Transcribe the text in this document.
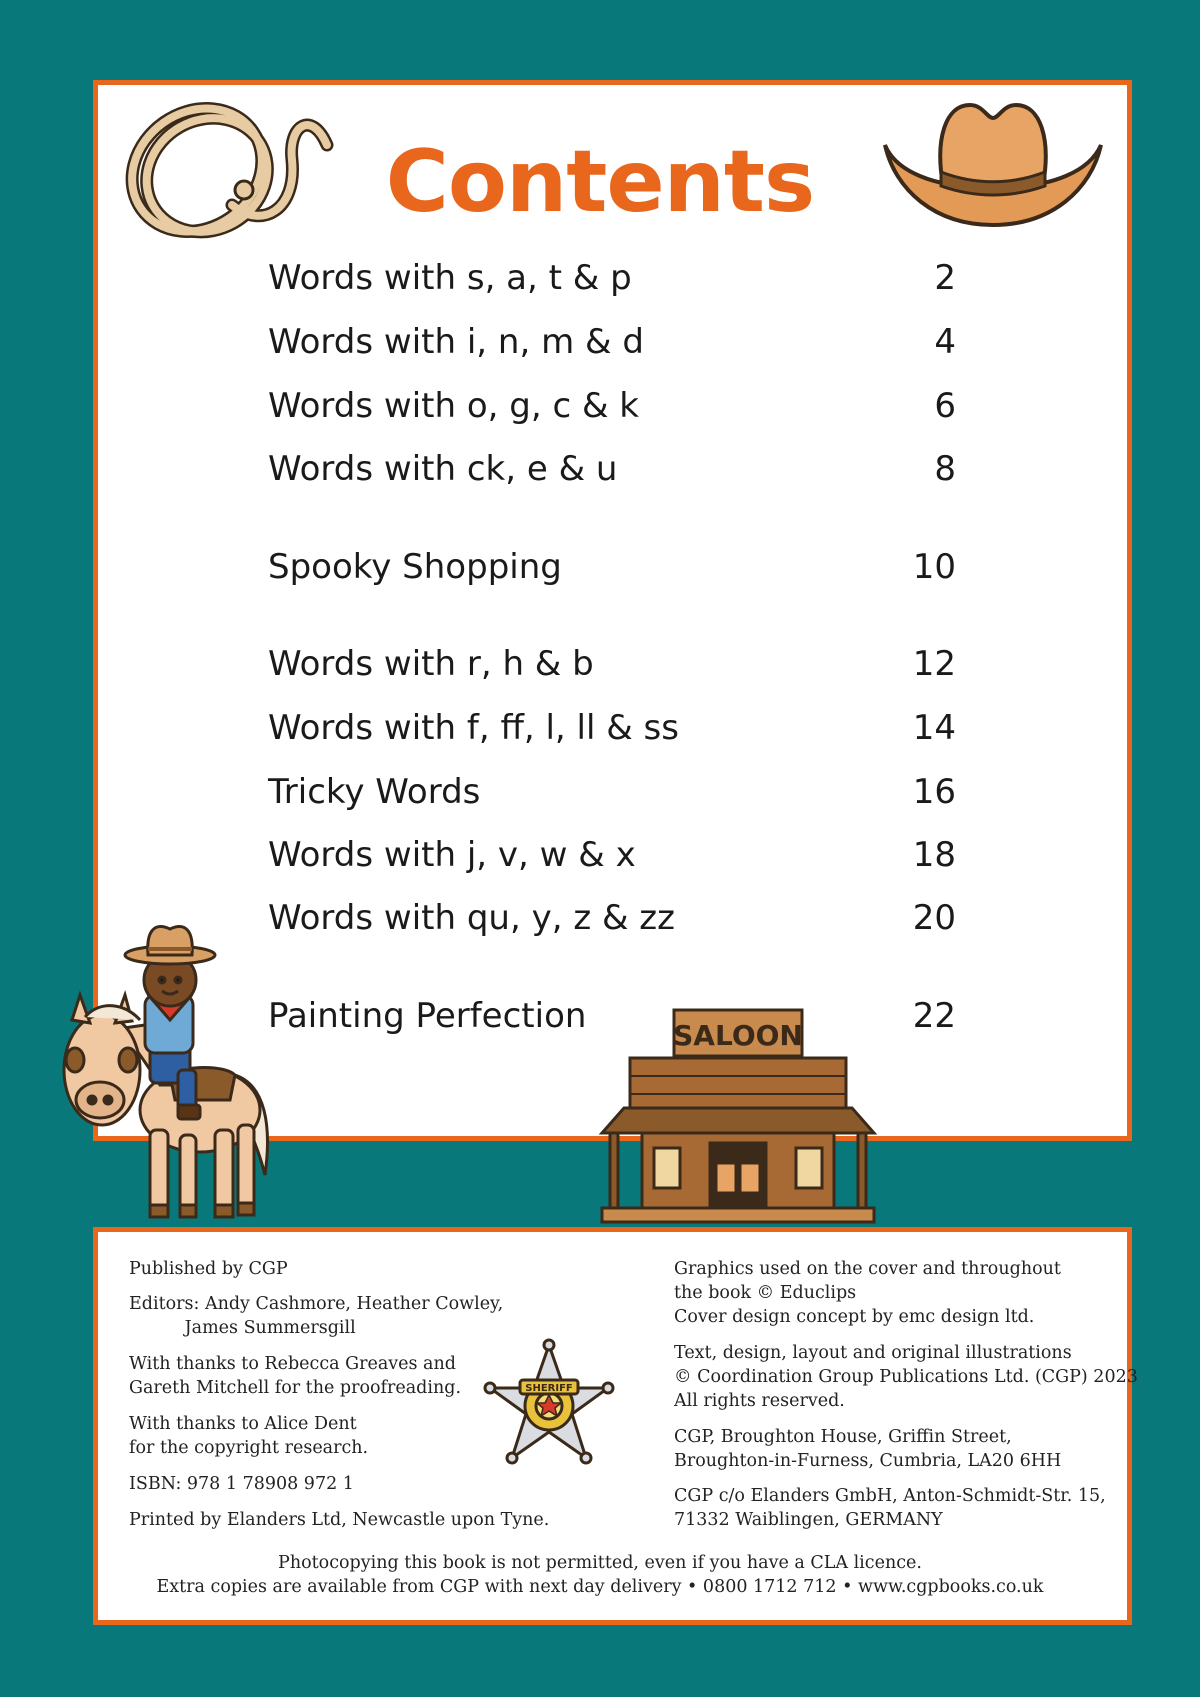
Contents
Words with s, a, t & p	2
Words with i, n, m & d	4
Words with o, g, c & k	6
Words with ck, e & u	8
Spooky Shopping	10
Words with r, h & b	12
Words with f, ff, l, ll & ss	14
Tricky Words	16
Words with j, v, w & x	18
Words with qu, y, z & zz	20
Painting Perfection	22
SALOON
SHERIFF
Published by CGP
Editors: Andy Cashmore, Heather Cowley,
James Summersgill
With thanks to Rebecca Greaves and
Gareth Mitchell for the proofreading.
With thanks to Alice Dent
for the copyright research.
ISBN: 978 1 78908 972 1
Printed by Elanders Ltd, Newcastle upon Tyne.
Graphics used on the cover and throughout
the book © Educlips
Cover design concept by emc design ltd.
Text, design, layout and original illustrations
© Coordination Group Publications Ltd. (CGP) 2023
All rights reserved.
CGP, Broughton House, Griffin Street,
Broughton-in-Furness, Cumbria, LA20 6HH
CGP c/o Elanders GmbH, Anton-Schmidt-Str. 15,
71332 Waiblingen, GERMANY
Photocopying this book is not permitted, even if you have a CLA licence.
Extra copies are available from CGP with next day delivery • 0800 1712 712 • www.cgpbooks.co.uk
